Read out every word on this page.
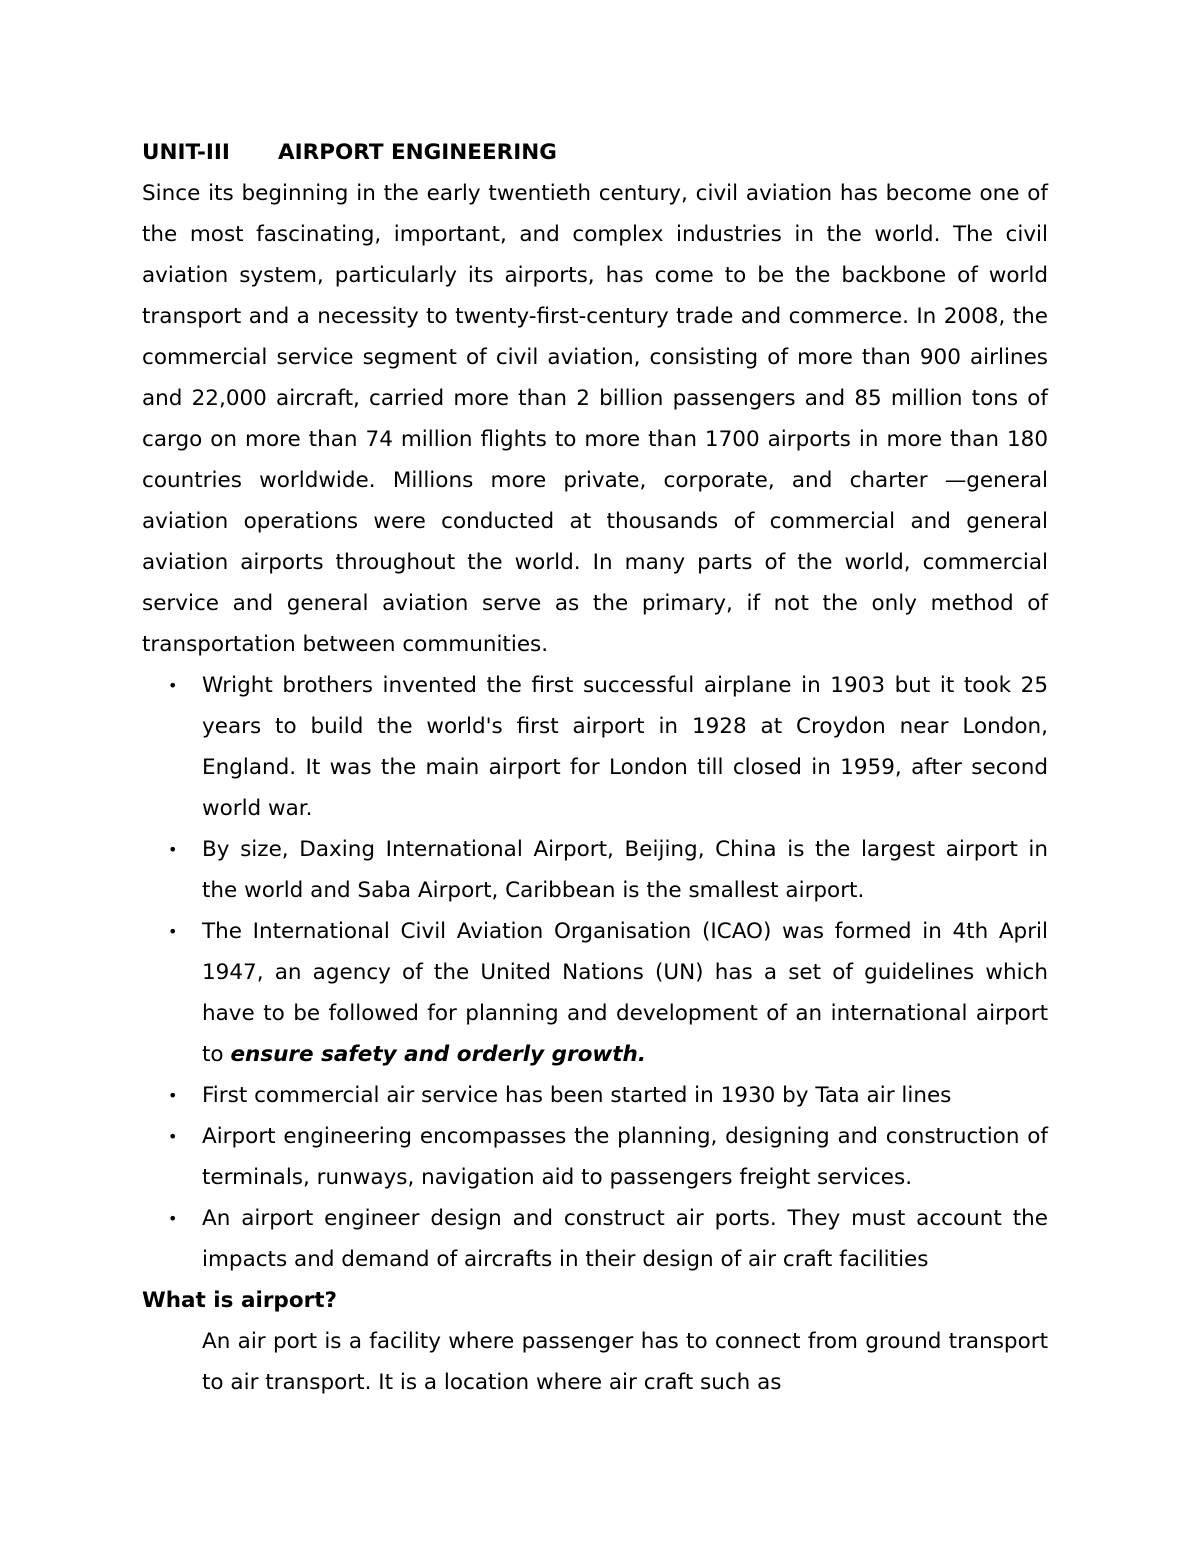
UNIT-III AIRPORT ENGINEERING

Since its beginning in the early twentieth century, civil aviation has become one of the most fascinating, important, and complex industries in the world. The civil aviation system, particularly its airports, has come to be the backbone of world transport and a necessity to twenty-first-century trade and commerce. In 2008, the commercial service segment of civil aviation, consisting of more than 900 airlines and 22,000 aircraft, carried more than 2 billion passengers and 85 million tons of cargo on more than 74 million flights to more than 1700 airports in more than 180 countries worldwide. Millions more private, corporate, and charter —general aviation operations were conducted at thousands of commercial and general aviation airports throughout the world. In many parts of the world, commercial service and general aviation serve as the primary, if not the only method of transportation between communities.

• Wright brothers invented the first successful airplane in 1903 but it took 25 years to build the world's first airport in 1928 at Croydon near London, England. It was the main airport for London till closed in 1959, after second world war.
• By size, Daxing International Airport, Beijing, China is the largest airport in the world and Saba Airport, Caribbean is the smallest airport.
• The International Civil Aviation Organisation (ICAO) was formed in 4th April 1947, an agency of the United Nations (UN) has a set of guidelines which have to be followed for planning and development of an international airport to ensure safety and orderly growth.
• First commercial air service has been started in 1930 by Tata air lines
• Airport engineering encompasses the planning, designing and construction of terminals, runways, navigation aid to passengers freight services.
• An airport engineer design and construct air ports. They must account the impacts and demand of aircrafts in their design of air craft facilities

What is airport?

An air port is a facility where passenger has to connect from ground transport to air transport. It is a location where air craft such as
